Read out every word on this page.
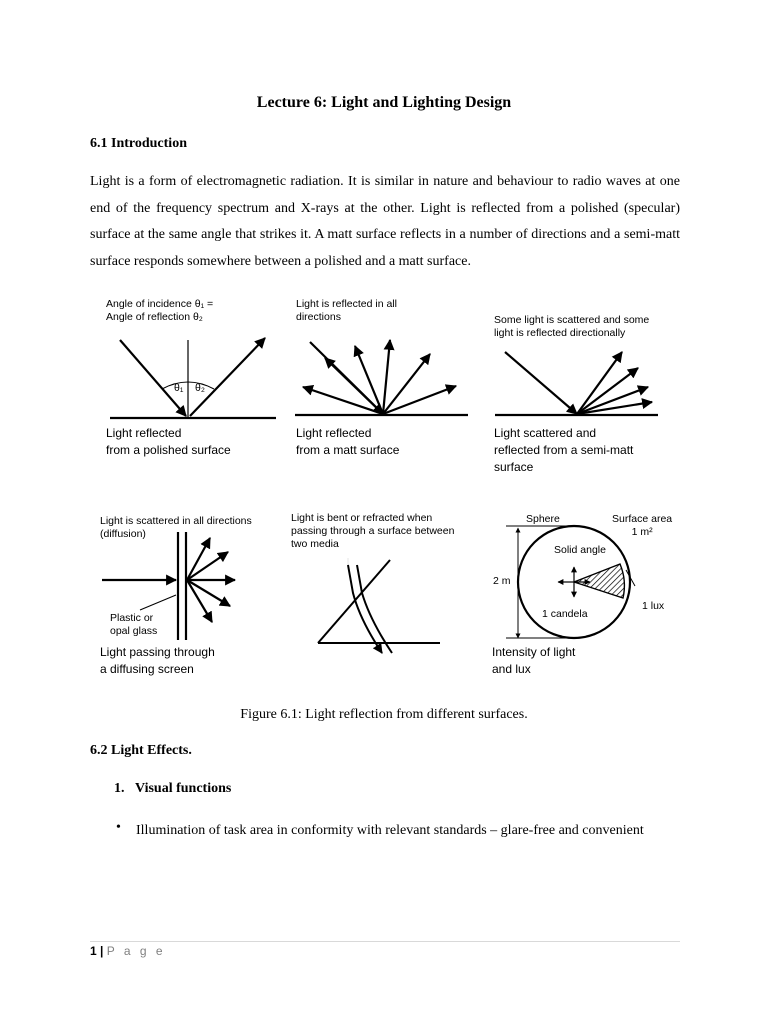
Lecture 6: Light and Lighting Design
6.1 Introduction
Light is a form of electromagnetic radiation. It is similar in nature and behaviour to radio waves at one end of the frequency spectrum and X-rays at the other. Light is reflected from a polished (specular) surface at the same angle that strikes it. A matt surface reflects in a number of directions and a semi-matt surface responds somewhere between a polished and a matt surface.
Angle of incidence θ₁ =
Angle of reflection θ₂
θ₁ θ₂
Light reflected
from a polished surface
Light is reflected in all
directions
Light reflected
from a matt surface
Some light is scattered and some
light is reflected directionally
Light scattered and
reflected from a semi-matt
surface
Light is scattered in all directions
(diffusion)
Plastic or
opal glass
Light passing through
a diffusing screen
Light is bent or refracted when
passing through a surface between
two media
Sphere	Surface area
1 m²
Solid angle
2 m
1 candela
1 lux
Intensity of light
and lux
Figure 6.1: Light reflection from different surfaces.
6.2 Light Effects.
1.   Visual functions
• Illumination of task area in conformity with relevant standards – glare-free and convenient
1 | P a g e
